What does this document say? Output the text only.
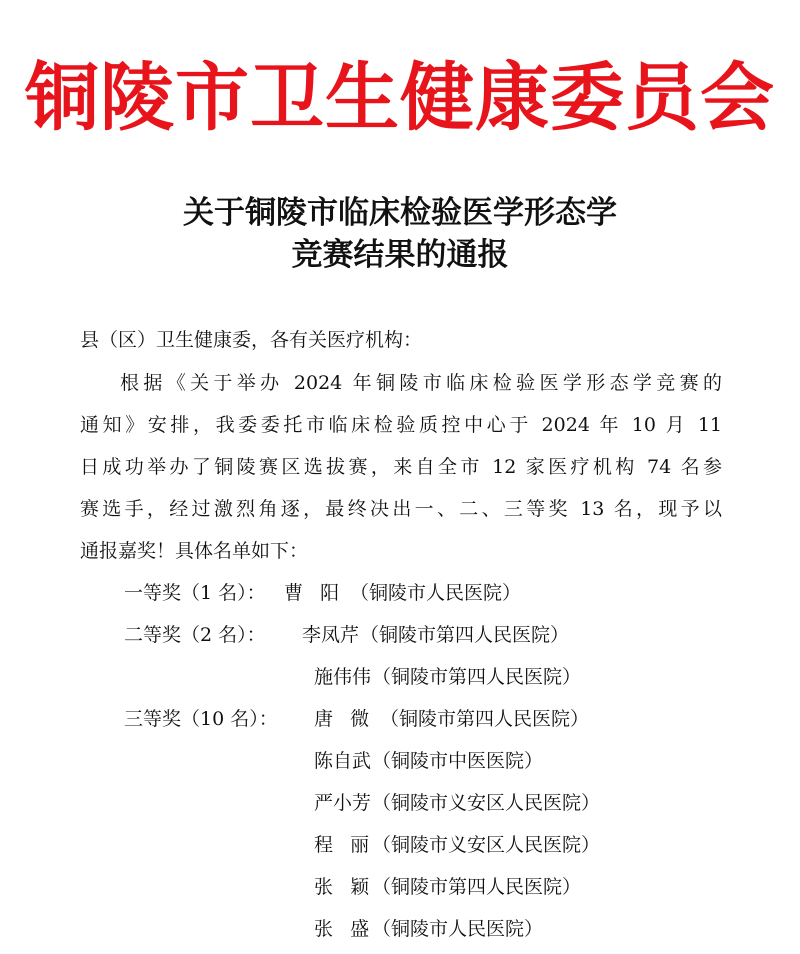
铜陵市卫生健康委员会
关于铜陵市临床检验医学形态学
竞赛结果的通报
县（区）卫生健康委，各有关医疗机构：
根据《关于举办 2024 年铜陵市临床检验医学形态学竞赛的
通知》安排，我委委托市临床检验质控中心于 2024 年 10 月 11
日成功举办了铜陵赛区选拔赛，来自全市 12 家医疗机构 74 名参
赛选手，经过激烈角逐，最终决出一、二、三等奖 13 名，现予以
通报嘉奖！具体名单如下：
一等奖（1 名）： 曹阳
（铜陵市人民医院）
二等奖（2 名）： 李凤芹 （铜陵市第四人民医院）
施伟伟 （铜陵市第四人民医院）
三等奖（10 名）： 唐微
（铜陵市第四人民医院）
陈自武 （铜陵市中医医院）
严小芳 （铜陵市义安区人民医院）
程丽
（铜陵市义安区人民医院）
张颖
（铜陵市第四人民医院）
张盛
（铜陵市人民医院）
